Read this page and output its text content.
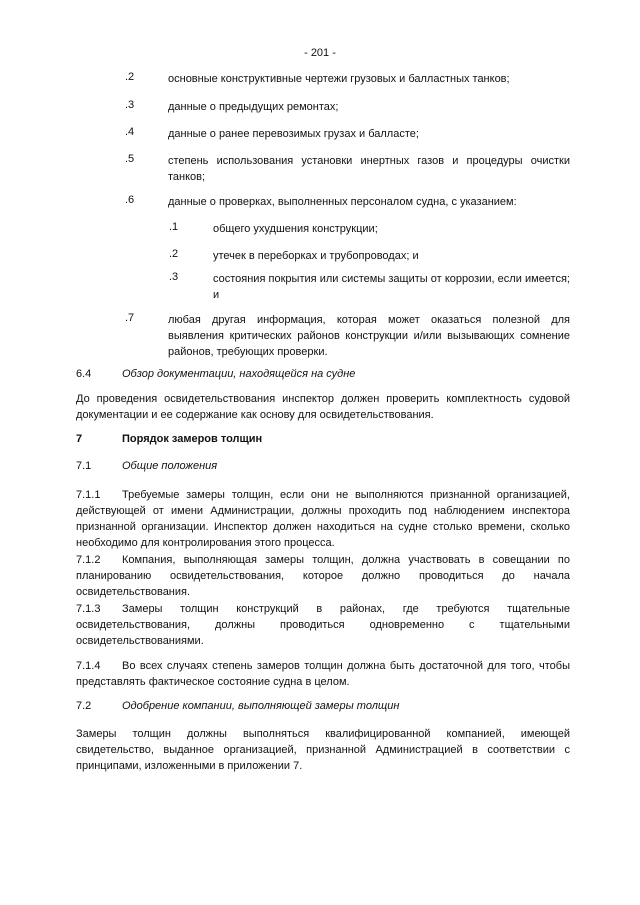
- 201 -
.2	основные конструктивные чертежи грузовых и балластных танков;
.3	данные о предыдущих ремонтах;
.4	данные о ранее перевозимых грузах и балласте;
.5	степень использования установки инертных газов и процедуры очистки танков;
.6	данные о проверках, выполненных персоналом судна, с указанием:
.1	общего ухудшения конструкции;
.2	утечек в переборках и трубопроводах; и
.3	состояния покрытия или системы защиты от коррозии, если имеется; и
.7	любая другая информация, которая может оказаться полезной для выявления критических районов конструкции и/или вызывающих сомнение районов, требующих проверки.
6.4	Обзор документации, находящейся на судне
До проведения освидетельствования инспектор должен проверить комплектность судовой документации и ее содержание как основу для освидетельствования.
7	Порядок замеров толщин
7.1	Общие положения
7.1.1 Требуемые замеры толщин, если они не выполняются признанной организацией, действующей от имени Администрации, должны проходить под наблюдением инспектора признанной организации. Инспектор должен находиться на судне столько времени, сколько необходимо для контролирования этого процесса.
7.1.2 Компания, выполняющая замеры толщин, должна участвовать в совещании по планированию освидетельствования, которое должно проводиться до начала освидетельствования.
7.1.3 Замеры толщин конструкций в районах, где требуются тщательные освидетельствования, должны проводиться одновременно с тщательными освидетельствованиями.
7.1.4 Во всех случаях степень замеров толщин должна быть достаточной для того, чтобы представлять фактическое состояние судна в целом.
7.2	Одобрение компании, выполняющей замеры толщин
Замеры толщин должны выполняться квалифицированной компанией, имеющей свидетельство, выданное организацией, признанной Администрацией в соответствии с принципами, изложенными в приложении 7.
